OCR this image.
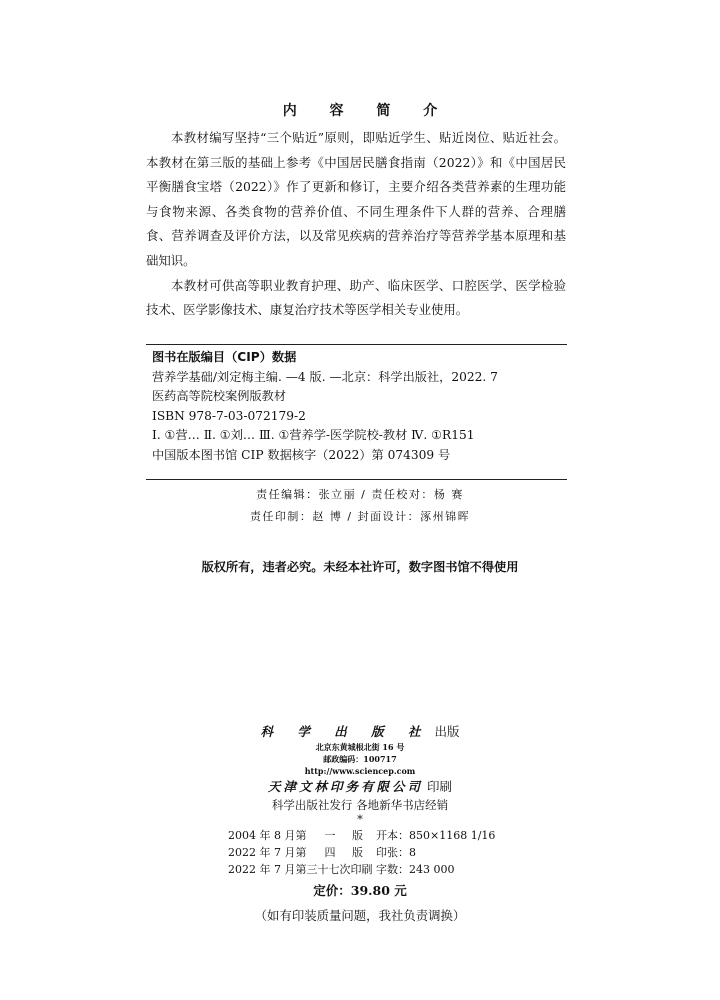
内 容 简 介

本教材编写坚持“三个贴近”原则，即贴近学生、贴近岗位、贴近社会。本教材在第三版的基础上参考《中国居民膳食指南（2022）》和《中国居民平衡膳食宝塔（2022）》作了更新和修订，主要介绍各类营养素的生理功能与食物来源、各类食物的营养价值、不同生理条件下人群的营养、合理膳食、营养调查及评价方法，以及常见疾病的营养治疗等营养学基本原理和基础知识。

本教材可供高等职业教育护理、助产、临床医学、口腔医学、医学检验技术、医学影像技术、康复治疗技术等医学相关专业使用。

图书在版编目（CIP）数据
营养学基础/刘定梅主编. —4 版. —北京：科学出版社，2022. 7
医药高等院校案例版教材
ISBN 978-7-03-072179-2
Ⅰ. ①营… Ⅱ. ①刘… Ⅲ. ①营养学-医学院校-教材 Ⅳ. ①R151
中国版本图书馆 CIP 数据核字（2022）第 074309 号
责任编辑：张立丽 / 责任校对：杨 赛
责任印制：赵 博 / 封面设计：涿州锦晖
版权所有，违者必究。未经本社许可，数字图书馆不得使用
科 学 出 版 社 出版
北京东黄城根北街 16 号
邮政编码：100717
http://www.sciencep.com
天津文林印务有限公司 印刷
科学出版社发行 各地新华书店经销
*
2004 年 8 月第 一 版 开本：850×1168 1/16
2022 年 7 月第 四 版 印张：8
2022 年 7 月第三十七次印刷 字数：243 000
定价：39.80 元
（如有印装质量问题，我社负责调换）
